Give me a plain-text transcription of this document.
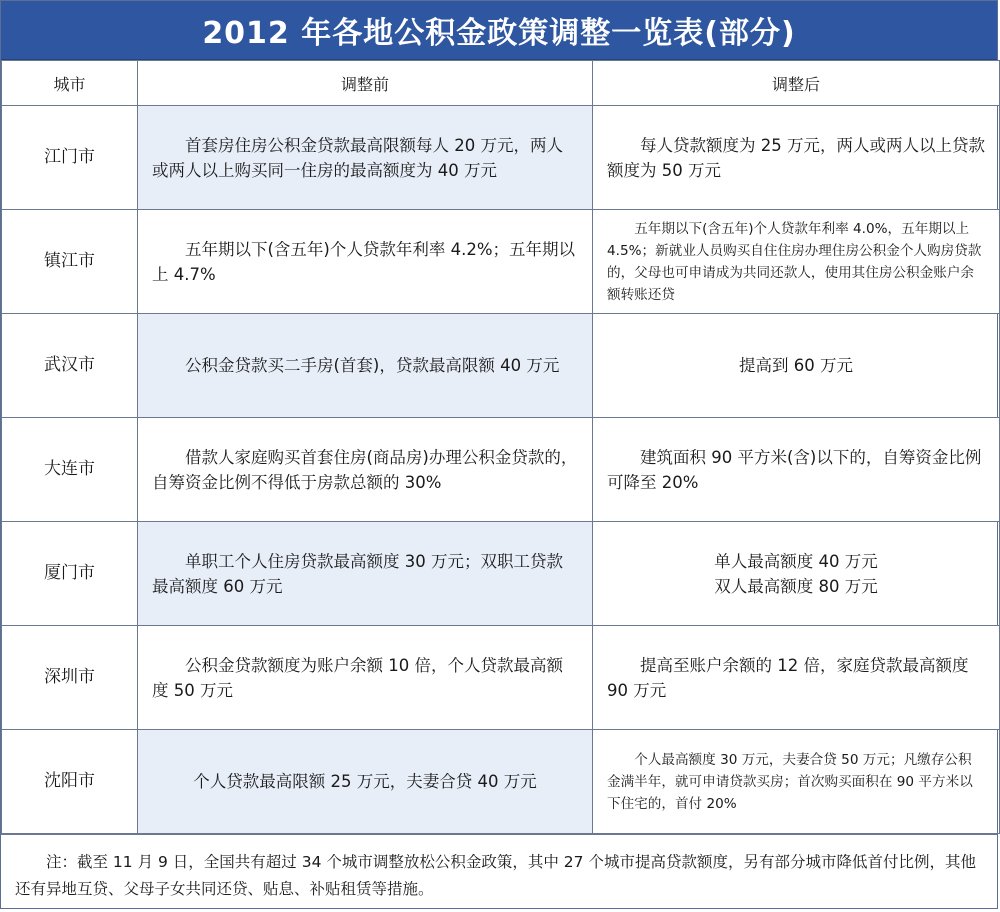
2012 年各地公积金政策调整一览表(部分)
城市	调整前	调整后
江门市	首套房住房公积金贷款最高限额每人 20 万元，两人或两人以上购买同一住房的最高额度为 40 万元	每人贷款额度为 25 万元，两人或两人以上贷款额度为 50 万元

镇江市	五年期以下(含五年)个人贷款年利率 4.2%；五年期以上 4.7%	五年期以下(含五年)个人贷款年利率 4.0%，五年期以上 4.5%；新就业人员购买自住住房办理住房公积金个人购房贷款的，父母也可申请成为共同还款人，使用其住房公积金账户余额转账还贷

武汉市	公积金贷款买二手房(首套)，贷款最高限额 40 万元	提高到 60 万元

大连市	借款人家庭购买首套住房(商品房)办理公积金贷款的，自筹资金比例不得低于房款总额的 30%	建筑面积 90 平方米(含)以下的，自筹资金比例可降至 20%

厦门市	单职工个人住房贷款最高额度 30 万元；双职工贷款最高额度 60 万元	单人最高额度 40 万元
双人最高额度 80 万元

深圳市	公积金贷款额度为账户余额 10 倍，个人贷款最高额度 50 万元	提高至账户余额的 12 倍，家庭贷款最高额度 90 万元

沈阳市	个人贷款最高限额 25 万元，夫妻合贷 40 万元	个人最高额度 30 万元，夫妻合贷 50 万元；凡缴存公积金满半年，就可申请贷款买房；首次购买面积在 90 平方米以下住宅的，首付 20%
注：截至 11 月 9 日，全国共有超过 34 个城市调整放松公积金政策，其中 27 个城市提高贷款额度，另有部分城市降低首付比例，其他还有异地互贷、父母子女共同还贷、贴息、补贴租赁等措施。
